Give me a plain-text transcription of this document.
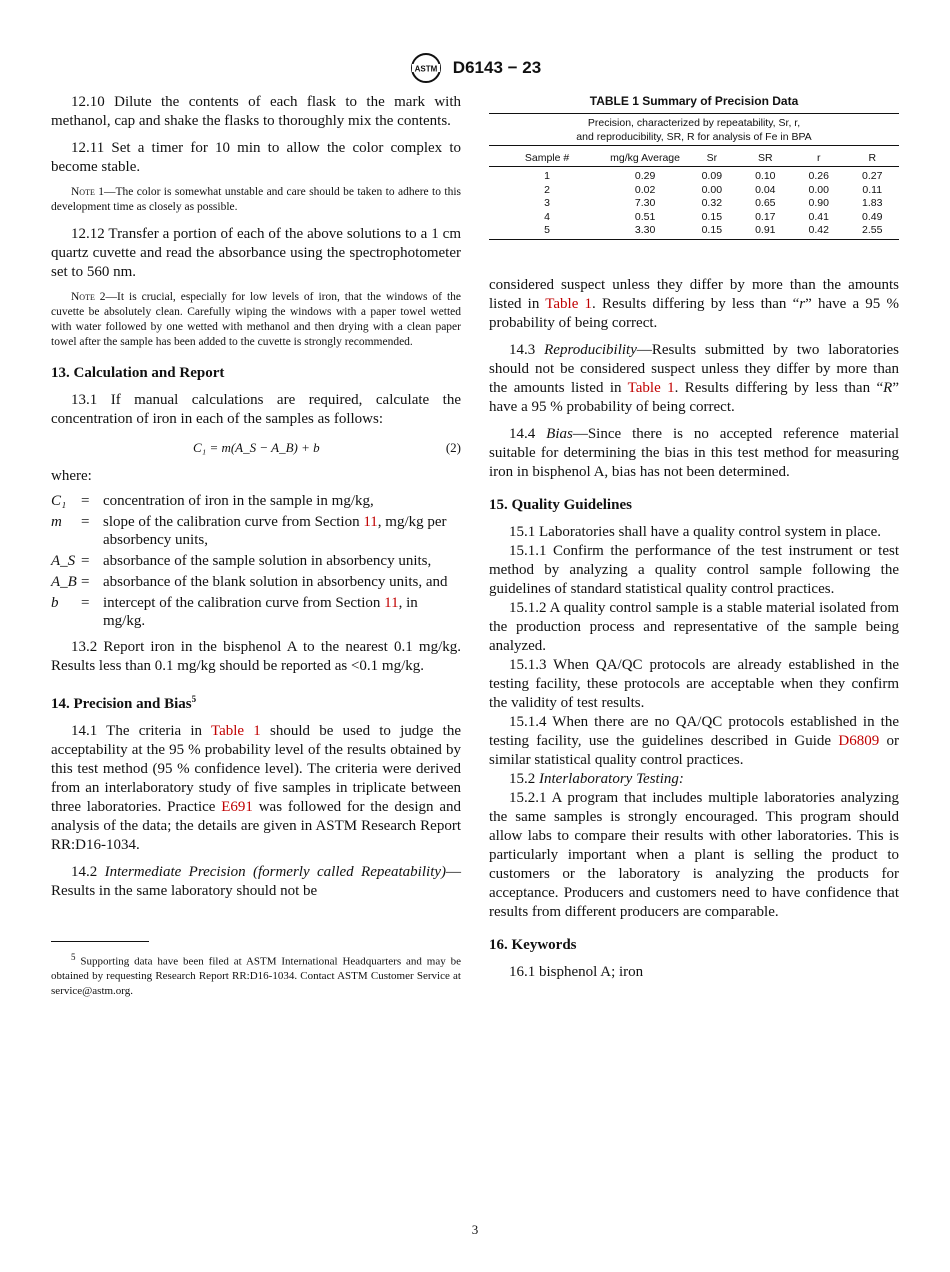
ASTM D6143 − 23

12.10 Dilute the contents of each flask to the mark with methanol, cap and shake the flasks to thoroughly mix the contents.

12.11 Set a timer for 10 min to allow the color complex to become stable.

Note 1—The color is somewhat unstable and care should be taken to adhere to this development time as closely as possible.

12.12 Transfer a portion of each of the above solutions to a 1 cm quartz cuvette and read the absorbance using the spectrophotometer set to 560 nm.

Note 2—It is crucial, especially for low levels of iron, that the windows of the cuvette be absolutely clean. Carefully wiping the windows with a paper towel wetted with water followed by one wetted with methanol and then drying with a clean paper towel after the sample has been added to the cuvette is strongly recommended.

13. Calculation and Report

13.1 If manual calculations are required, calculate the concentration of iron in each of the samples as follows:

C₁ = m(A_S − A_B) + b	(2)

where:

C₁ = concentration of iron in the sample in mg/kg,
m	= slope of the calibration curve from Section 11, mg/kg per absorbency units,
A_S = absorbance of the sample solution in absorbency units,
A_B = absorbance of the blank solution in absorbency units, and
b	= intercept of the calibration curve from Section 11, in mg/kg.

13.2 Report iron in the bisphenol A to the nearest 0.1 mg/kg. Results less than 0.1 mg/kg should be reported as <0.1 mg/kg.

14. Precision and Bias$^5$

14.1 The criteria in Table 1 should be used to judge the acceptability at the 95 % probability level of the results obtained by this test method (95 % confidence level). The criteria were derived from an interlaboratory study of five samples in triplicate between three laboratories. Practice E691 was followed for the design and analysis of the data; the details are given in ASTM Research Report RR:D16-1034.

14.2 Intermediate Precision (formerly called Repeatability)—Results in the same laboratory should not be

$^5$ Supporting data have been filed at ASTM International Headquarters and may be obtained by requesting Research Report RR:D16-1034. Contact ASTM Customer Service at service@astm.org.

TABLE 1 Summary of Precision Data
Precision, characterized by repeatability, Sr, r,
and reproducibility, SR, R for analysis of Fe in BPA
Sample #	mg/kg Average	Sr	SR	r	R
1	0.29	0.09	0.10	0.26	0.27
2	0.02	0.00	0.04	0.00	0.11
3	7.30	0.32	0.65	0.90	1.83
4	0.51	0.15	0.17	0.41	0.49
5	3.30	0.15	0.91	0.42	2.55

considered suspect unless they differ by more than the amounts listed in Table 1. Results differing by less than “r” have a 95 % probability of being correct.

14.3 Reproducibility—Results submitted by two laboratories should not be considered suspect unless they differ by more than the amounts listed in Table 1. Results differing by less than “R” have a 95 % probability of being correct.

14.4 Bias—Since there is no accepted reference material suitable for determining the bias in this test method for measuring iron in bisphenol A, bias has not been determined.

15. Quality Guidelines

15.1 Laboratories shall have a quality control system in place.

15.1.1 Confirm the performance of the test instrument or test method by analyzing a quality control sample following the guidelines of standard statistical quality control practices.

15.1.2 A quality control sample is a stable material isolated from the production process and representative of the sample being analyzed.

15.1.3 When QA/QC protocols are already established in the testing facility, these protocols are acceptable when they confirm the validity of test results.

15.1.4 When there are no QA/QC protocols established in the testing facility, use the guidelines described in Guide D6809 or similar statistical quality control practices.

15.2 Interlaboratory Testing:

15.2.1 A program that includes multiple laboratories analyzing the same samples is strongly encouraged. This program should allow labs to compare their results with other laboratories. This is particularly important when a plant is selling the product to customers or the laboratory is analyzing the products for acceptance. Producers and customers need to have confidence that results from different producers are comparable.

16. Keywords

16.1 bisphenol A; iron

3
